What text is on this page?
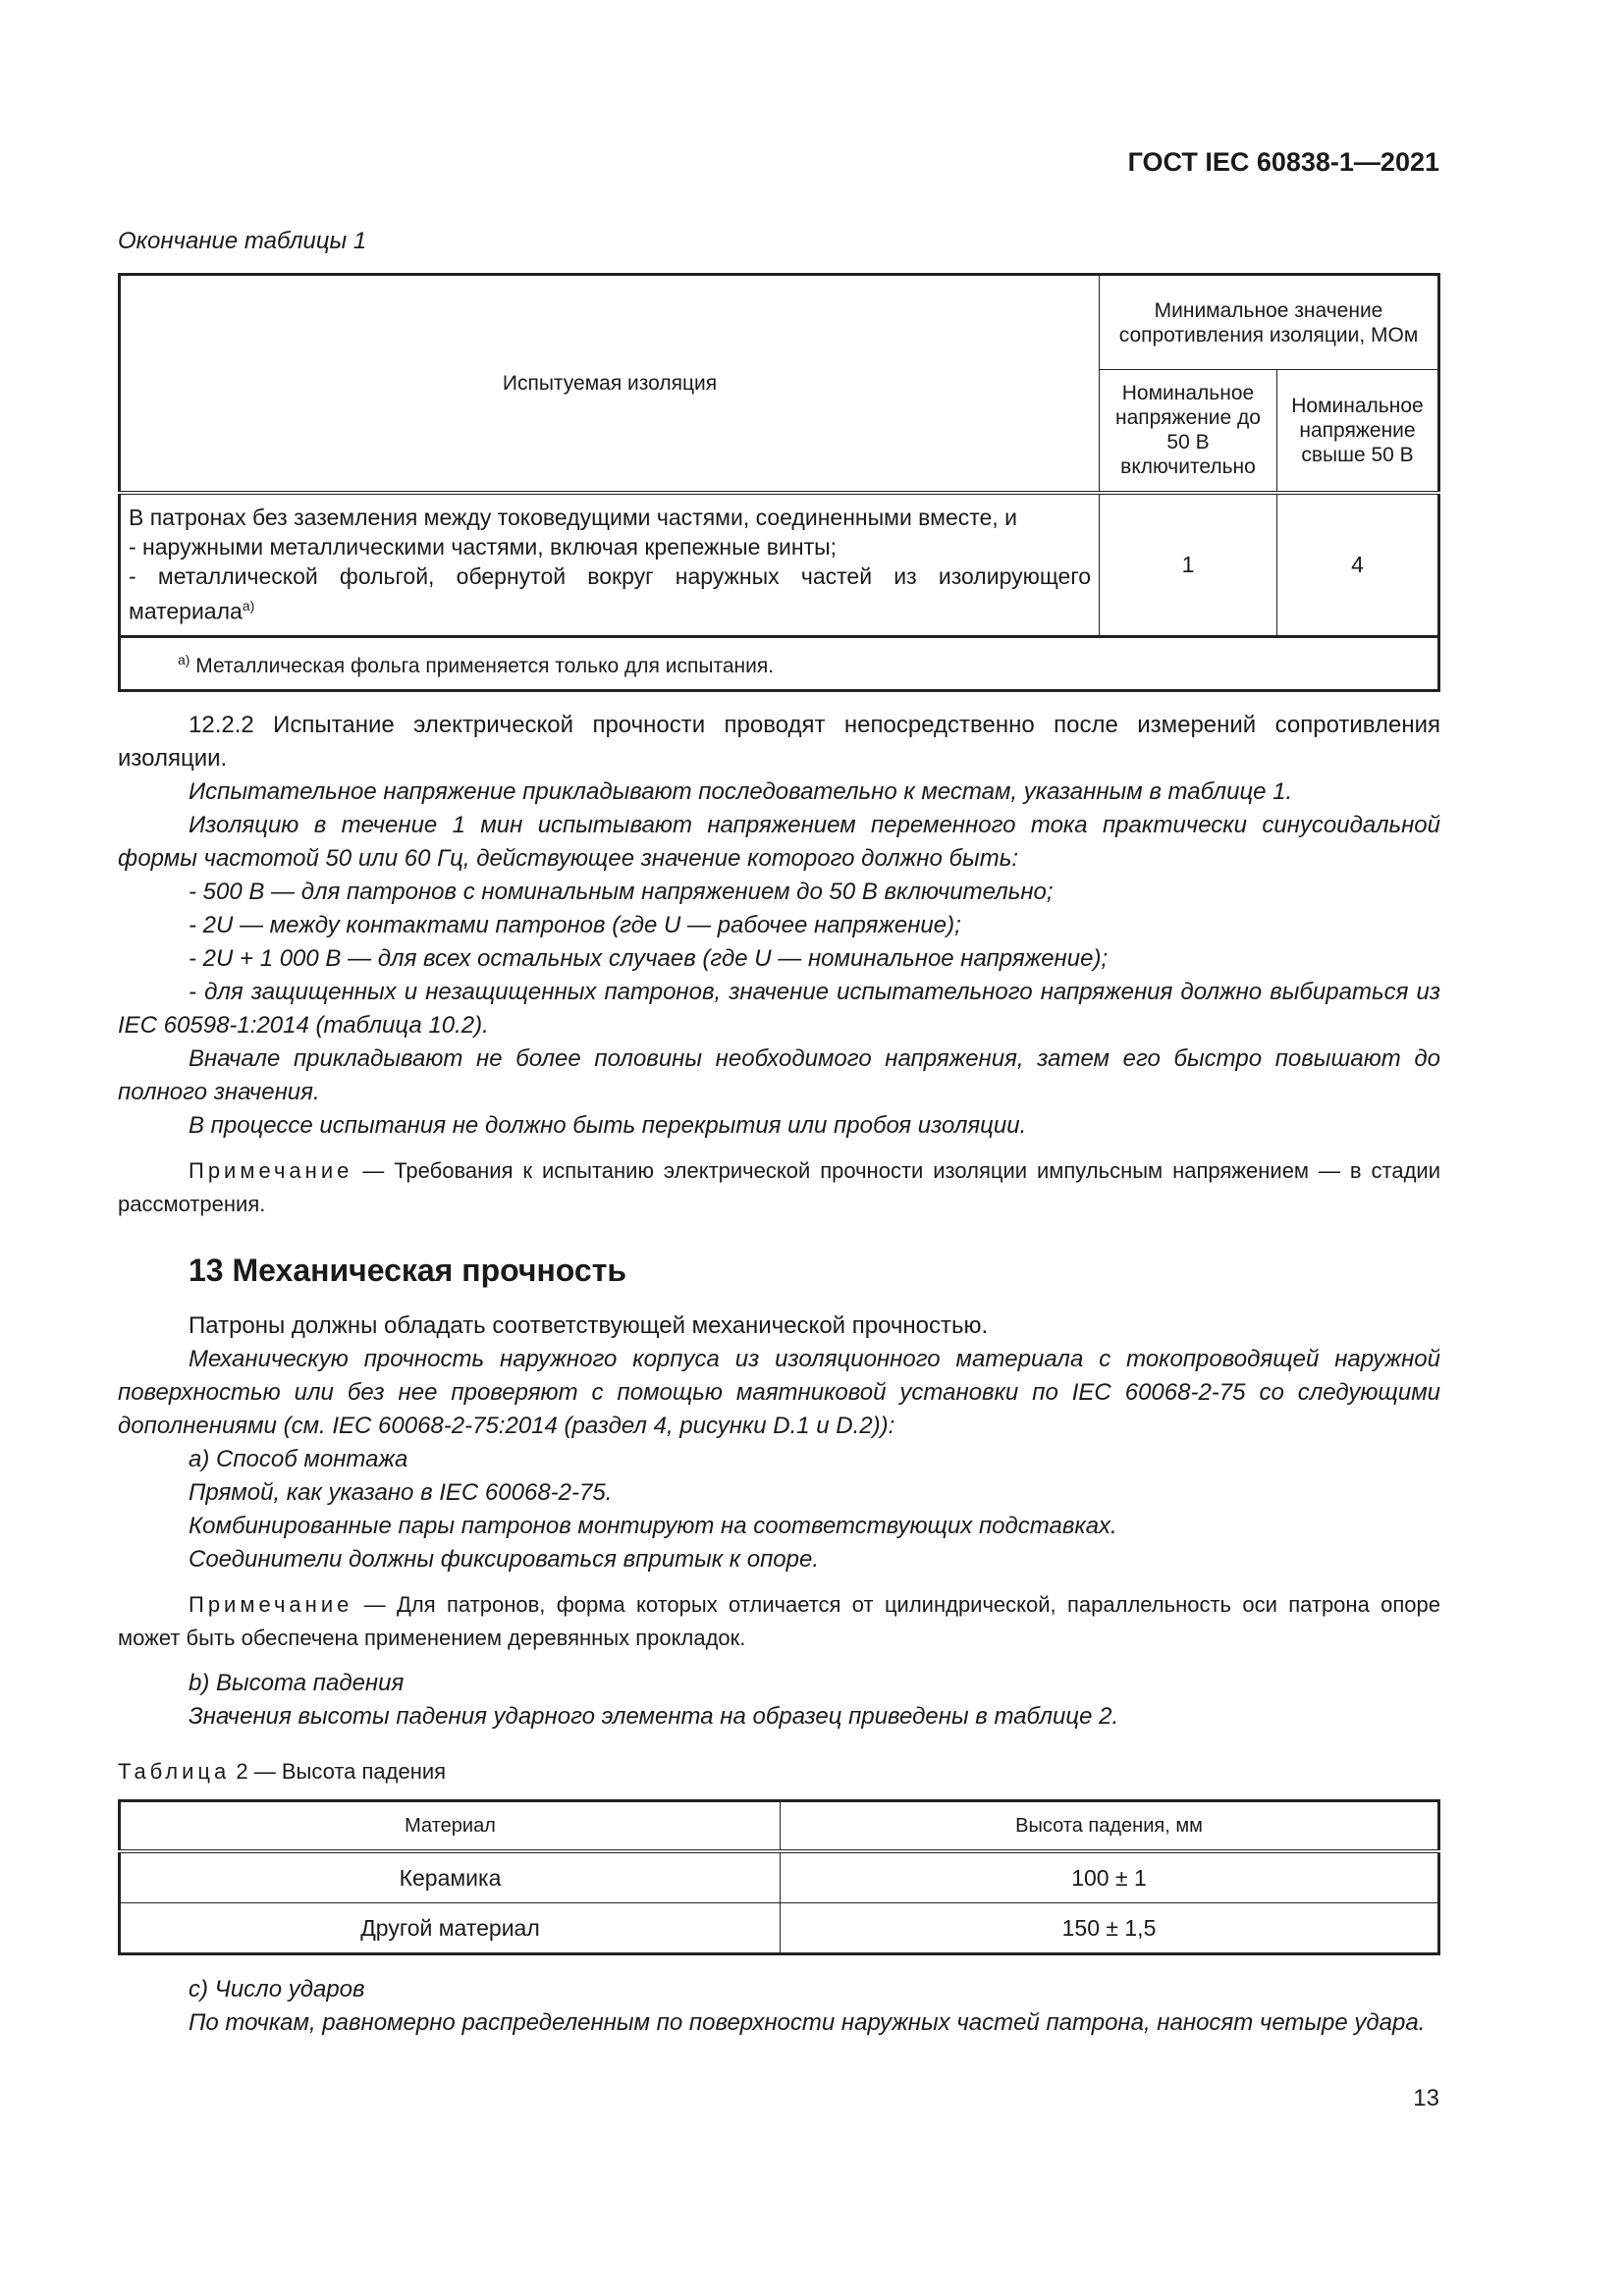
ГОСТ IEC 60838-1—2021
Окончание таблицы 1
Испытуемая изоляция	Минимальное значение сопротивления изоляции, МОм	
	Номинальное напряжение до 50 В включительно	Номинальное напряжение свыше 50 В

В патронах без заземления между токоведущими частями, соединенными вместе, и
- наружными металлическими частями, включая крепежные винты;
- металлической фольгой, обернутой вокруг наружных частей из изолирующего материала$^{а)}$	1	4
$^{а)}$ Металлическая фольга применяется только для испытания.		

12.2.2 Испытание электрической прочности проводят непосредственно после измерений сопротивления изоляции.

Испытательное напряжение прикладывают последовательно к местам, указанным в таблице 1.

Изоляцию в течение 1 мин испытывают напряжением переменного тока практически синусоидальной формы частотой 50 или 60 Гц, действующее значение которого должно быть:

- 500 В — для патронов с номинальным напряжением до 50 В включительно;

- 2U — между контактами патронов (где U — рабочее напряжение);

- 2U + 1 000 В — для всех остальных случаев (где U — номинальное напряжение);

- для защищенных и незащищенных патронов, значение испытательного напряжения должно выбираться из IEC 60598-1:2014 (таблица 10.2).

Вначале прикладывают не более половины необходимого напряжения, затем его быстро повышают до полного значения.

В процессе испытания не должно быть перекрытия или пробоя изоляции.

Примечание — Требования к испытанию электрической прочности изоляции импульсным напряжением — в стадии рассмотрения.

13 Механическая прочность

Патроны должны обладать соответствующей механической прочностью.

Механическую прочность наружного корпуса из изоляционного материала с токопроводящей наружной поверхностью или без нее проверяют с помощью маятниковой установки по IEC 60068-2-75 со следующими дополнениями (см. IEC 60068-2-75:2014 (раздел 4, рисунки D.1 и D.2)):

a) Способ монтажа

Прямой, как указано в IEC 60068-2-75.

Комбинированные пары патронов монтируют на соответствующих подставках.

Соединители должны фиксироваться впритык к опоре.

Примечание — Для патронов, форма которых отличается от цилиндрической, параллельность оси патрона опоре может быть обеспечена применением деревянных прокладок.

b) Высота падения

Значения высоты падения ударного элемента на образец приведены в таблице 2.

Таблица 2 — Высота падения
Материал	Высота падения, мм
Керамика	100 ± 1
Другой материал	150 ± 1,5

c) Число ударов

По точкам, равномерно распределенным по поверхности наружных частей патрона, наносят четыре удара.

13
